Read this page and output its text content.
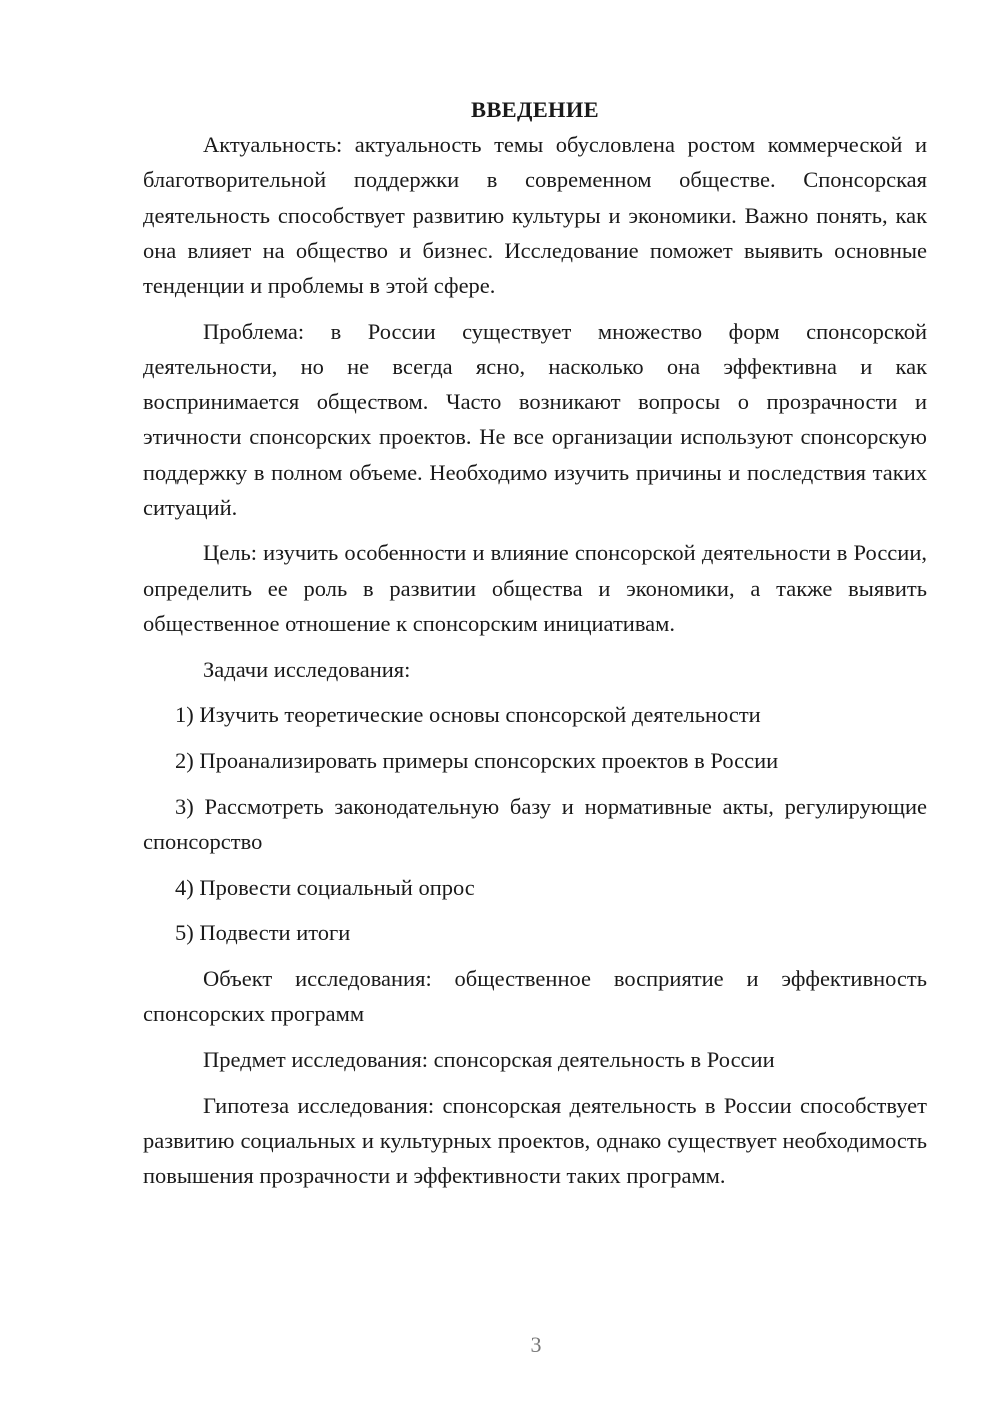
ВВЕДЕНИЕ

Актуальность: актуальность темы обусловлена ростом коммерческой и благотворительной поддержки в современном обществе. Спонсорская деятельность способствует развитию культуры и экономики. Важно понять, как она влияет на общество и бизнес. Исследование поможет выявить основные тенденции и проблемы в этой сфере.

Проблема: в России существует множество форм спонсорской деятельности, но не всегда ясно, насколько она эффективна и как воспринимается обществом. Часто возникают вопросы о прозрачности и этичности спонсорских проектов. Не все организации используют спонсорскую поддержку в полном объеме. Необходимо изучить причины и последствия таких ситуаций.

Цель: изучить особенности и влияние спонсорской деятельности в России, определить ее роль в развитии общества и экономики, а также выявить общественное отношение к спонсорским инициативам.

Задачи исследования:

1) Изучить теоретические основы спонсорской деятельности

2) Проанализировать примеры спонсорских проектов в России

3) Рассмотреть законодательную базу и нормативные акты, регулирующие спонсорство

4) Провести социальный опрос

5) Подвести итоги

Объект исследования: общественное восприятие и эффективность спонсорских программ

Предмет исследования: спонсорская деятельность в России

Гипотеза исследования: спонсорская деятельность в России способствует развитию социальных и культурных проектов, однако существует необходимость повышения прозрачности и эффективности таких программ.

3
